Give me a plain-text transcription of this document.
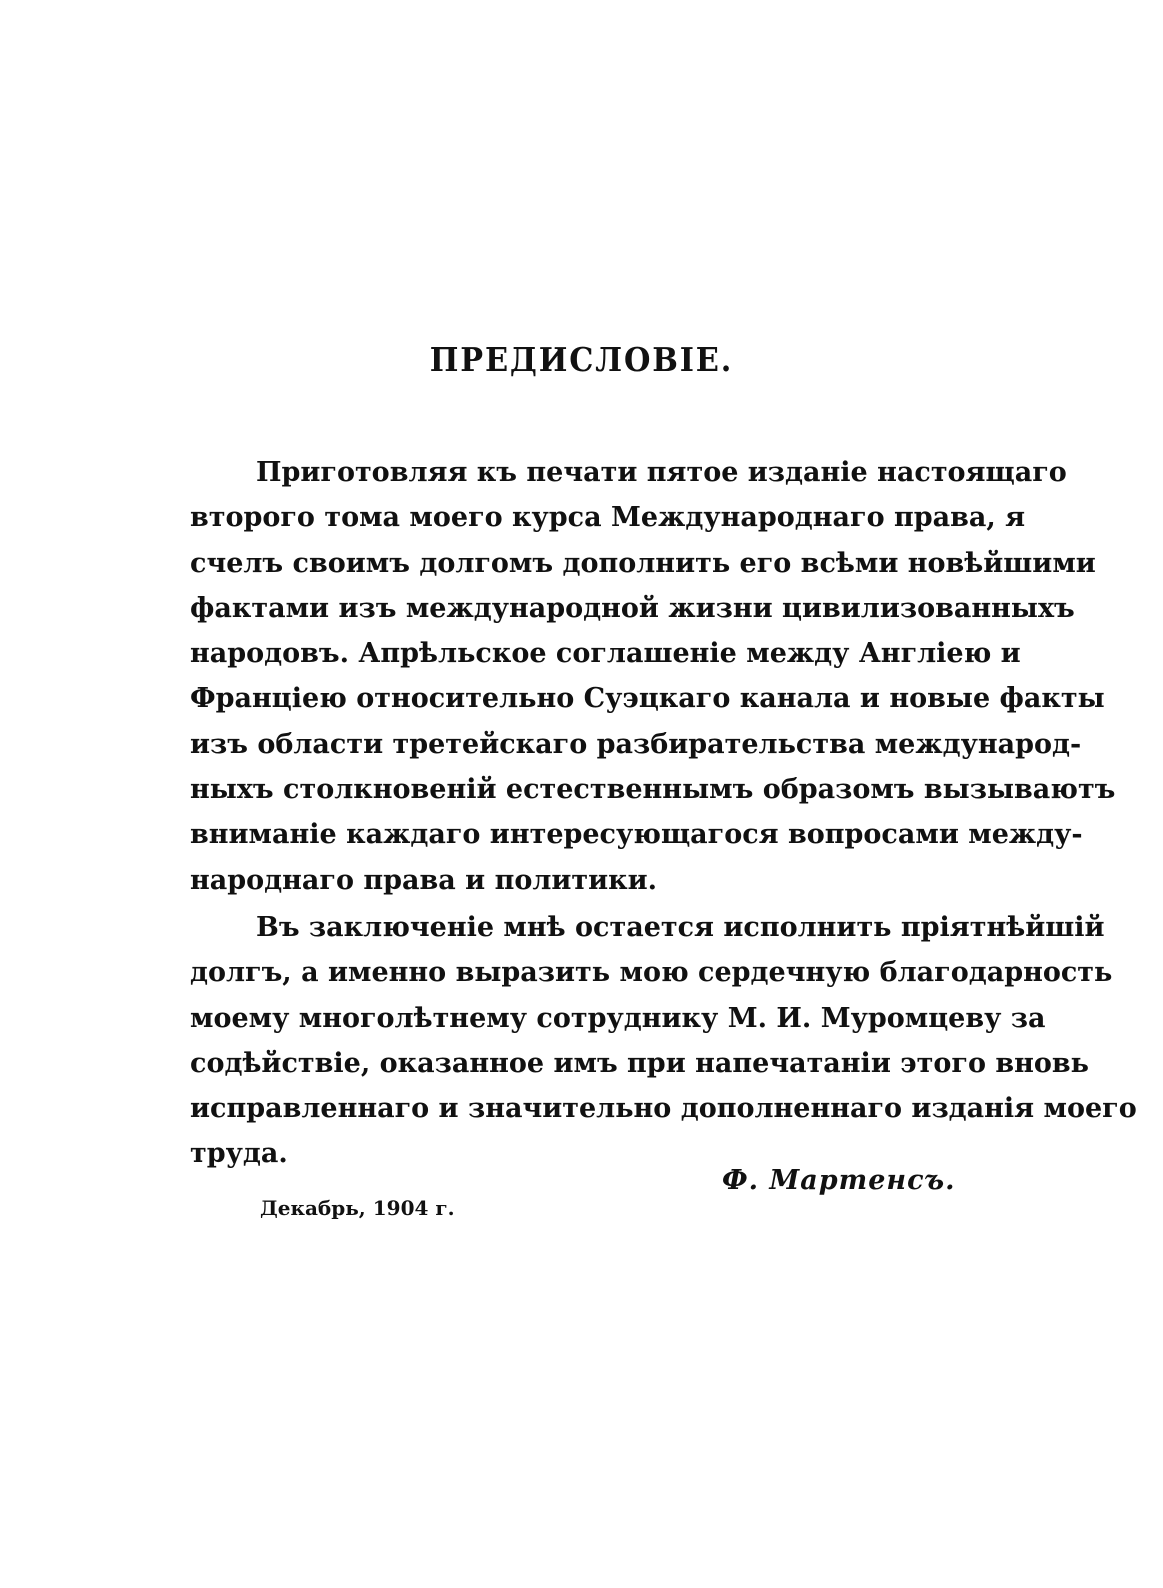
ПРЕДИСЛОВІЕ.
Приготовляя къ печати пятое изданіе настоящаго
второго тома моего курса Международнаго права, я
счелъ своимъ долгомъ дополнить его всѣми новѣйшими
фактами изъ международной жизни цивилизованныхъ
народовъ. Апрѣльское соглашеніе между Англіею и
Францiею относительно Суэцкаго канала и новые факты
изъ области третейскаго разбирательства международ-
ныхъ столкновеній естественнымъ образомъ вызываютъ
вниманіе каждаго интересующагося вопросами между-
народнаго права и политики.
Въ заключеніе мнѣ остается исполнить пріятнѣйшій
долгъ, а именно выразить мою сердечную благодарность
моему многолѣтнему сотруднику М. И. Муромцеву за
содѣйствіе, оказанное имъ при напечатаніи этого вновь
исправленнаго и значительно дополненнаго изданія моего
труда.
Ф. Мартенсъ.
Декабрь, 1904 г.
